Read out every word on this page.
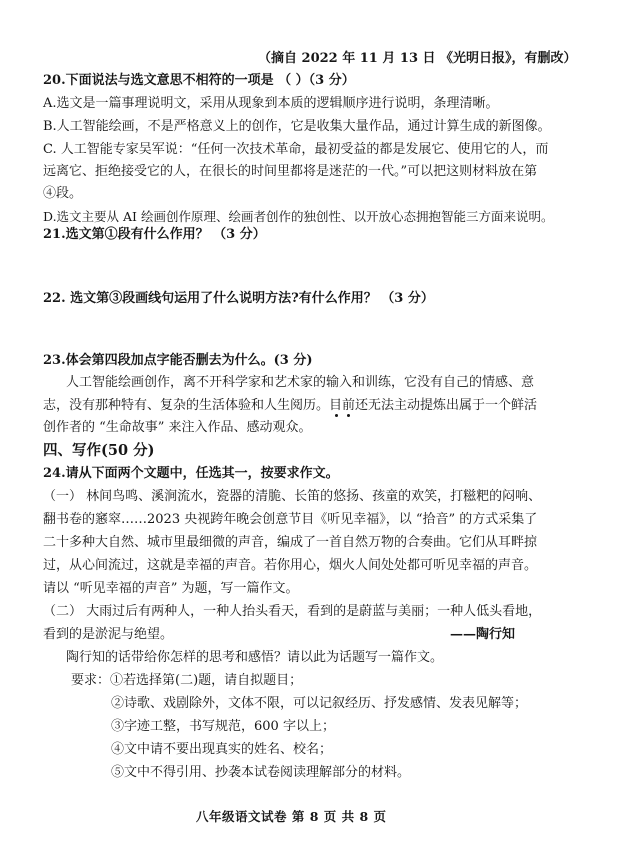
（摘自 2022 年 11 月 13 日 《光明日报》，有删改）
20.下面说法与选文意思不相符的一项是 （ ）（3 分）
A.选文是一篇事理说明文，采用从现象到本质的逻辑顺序进行说明，条理清晰。
B.人工智能绘画，不是严格意义上的创作，它是收集大量作品，通过计算生成的新图像。
C. 人工智能专家吴军说：“任何一次技术革命，最初受益的都是发展它、使用它的人，而
远离它、拒绝接受它的人，在很长的时间里都将是迷茫的一代。”可以把这则材料放在第
④段。
D.选文主要从 AI 绘画创作原理、绘画者创作的独创性、以开放心态拥抱智能三方面来说明。
21.选文第①段有什么作用？ （3 分）
22. 选文第③段画线句运用了什么说明方法?有什么作用？ （3 分）
23.体会第四段加点字能否删去为什么。(3 分)
人工智能绘画创作，离不开科学家和艺术家的输入和训练，它没有自己的情感、意
志，没有那种特有、复杂的生活体验和人生阅历。目前
还无法主动提炼出属于一个鲜活
创作者的 “生命故事” 来注入作品、感动观众。
四、写作(50 分)
24.请从下面两个文题中，任选其一，按要求作文。
（一） 林间鸟鸣、溪涧流水，瓷器的清脆、长笛的悠扬、孩童的欢笑，打糍粑的闷响、
翻书卷的窸窣……2023 央视跨年晚会创意节目《听见幸福》，以 “拾音” 的方式采集了
二十多种大自然、城市里最细微的声音，编成了一首自然万物的合奏曲。它们从耳畔掠
过，从心间流过，这就是幸福的声音。若你用心，烟火人间处处都可听见幸福的声音。
请以 “听见幸福的声音” 为题，写一篇作文。
（二） 大雨过后有两种人，一种人抬头看天，看到的是蔚蓝与美丽；一种人低头看地，
看到的是淤泥与绝望。	——陶行知
陶行知的话带给你怎样的思考和感悟？请以此为话题写一篇作文。
要求：①若选择第(二)题，请自拟题目；
②诗歌、戏剧除外，文体不限，可以记叙经历、抒发感情、发表见解等；
③字迹工整，书写规范，600 字以上；
④文中请不要出现真实的姓名、校名；
⑤文中不得引用、抄袭本试卷阅读理解部分的材料。
八年级语文试卷 第 8 页 共 8 页
